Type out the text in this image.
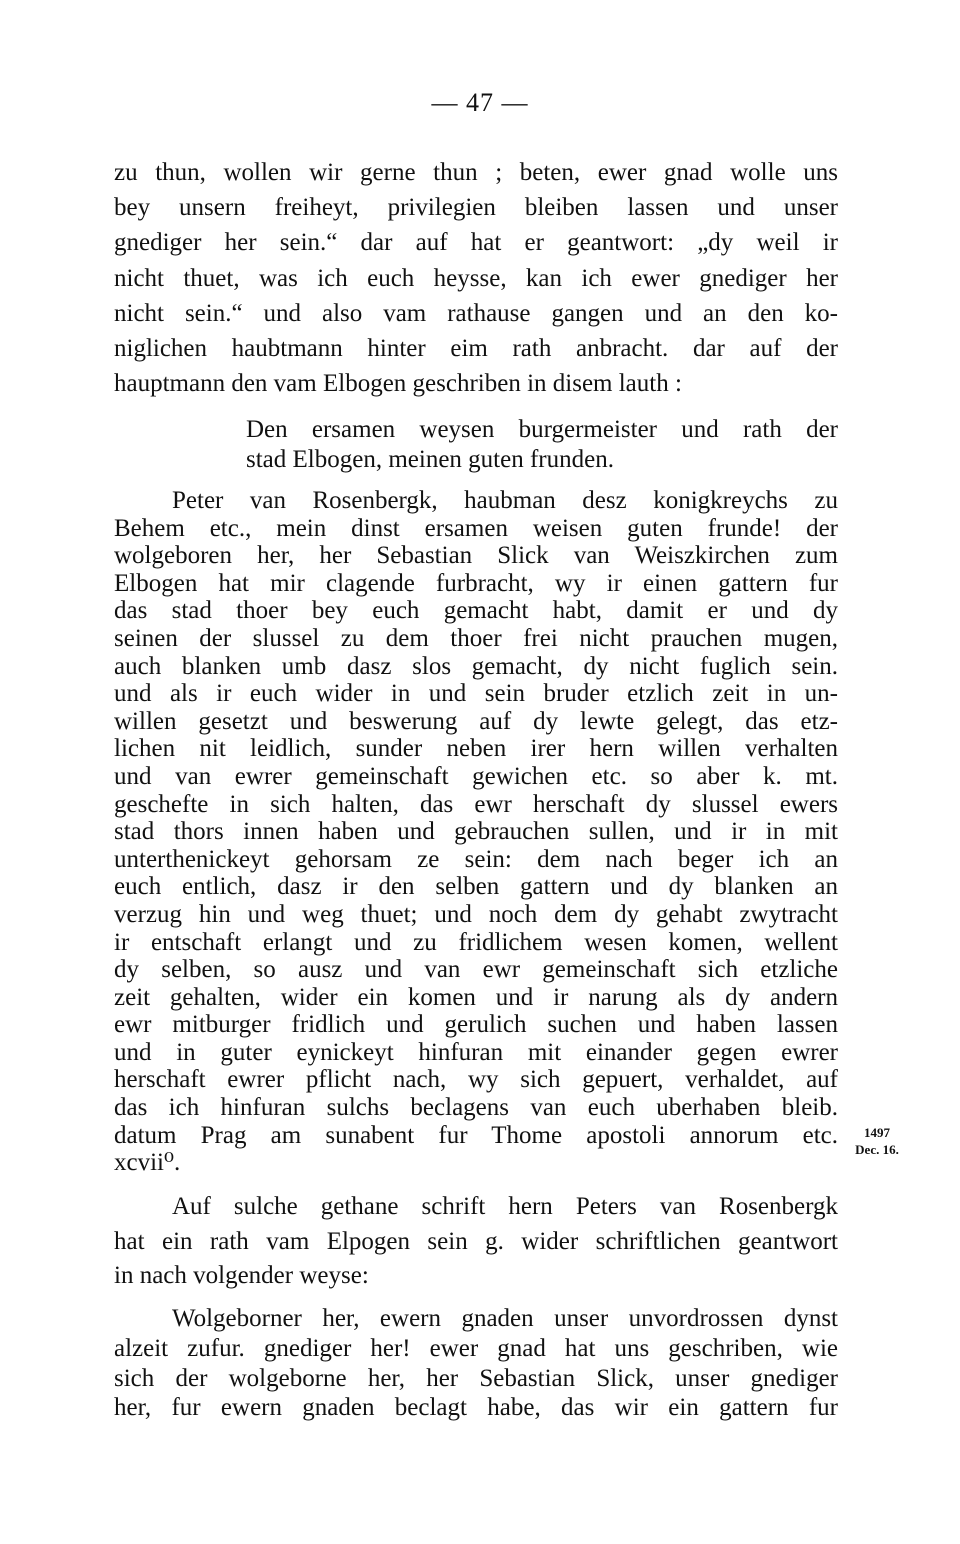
— 47 —
zu thun, wollen wir gerne thun ; beten, ewer gnad wolle uns
bey unsern freiheyt, privilegien bleiben lassen und unser
gnediger her sein.“ dar auf hat er geantwort: „dy weil ir
nicht thuet, was ich euch heysse, kan ich ewer gnediger her
nicht sein.“ und also vam rathause gangen und an den ko-
niglichen haubtmann hinter eim rath anbracht. dar auf der
hauptmann den vam Elbogen geschriben in disem lauth :
Den ersamen weysen burgermeister und rath der
stad Elbogen, meinen guten frunden.
Peter van Rosenbergk, haubman desz konigkreychs zu
Behem etc., mein dinst ersamen weisen guten frunde! der
wolgeboren her, her Sebastian Slick van Weiszkirchen zum
Elbogen hat mir clagende furbracht, wy ir einen gattern fur
das stad thoer bey euch gemacht habt, damit er und dy
seinen der slussel zu dem thoer frei nicht prauchen mugen,
auch blanken umb dasz slos gemacht, dy nicht fuglich sein.
und als ir euch wider in und sein bruder etzlich zeit in un-
willen gesetzt und beswerung auf dy lewte gelegt, das etz-
lichen nit leidlich, sunder neben irer hern willen verhalten
und van ewrer gemeinschaft gewichen etc. so aber k. mt.
geschefte in sich halten, das ewr herschaft dy slussel ewers
stad thors innen haben und gebrauchen sullen, und ir in mit
unterthenickeyt gehorsam ze sein: dem nach beger ich an
euch entlich, dasz ir den selben gattern und dy blanken an
verzug hin und weg thuet; und noch dem dy gehabt zwytracht
ir entschaft erlangt und zu fridlichem wesen komen, wellent
dy selben, so ausz und van ewr gemeinschaft sich etzliche
zeit gehalten, wider ein komen und ir narung als dy andern
ewr mitburger fridlich und gerulich suchen und haben lassen
und in guter eynickeyt hinfuran mit einander gegen ewrer
herschaft ewrer pflicht nach, wy sich gepuert, verhaldet, auf
das ich hinfuran sulchs beclagens van euch uberhaben bleib.
datum Prag am sunabent fur Thome apostoli annorum etc.
xcvii⁰.
1497
Dec. 16.
Auf sulche gethane schrift hern Peters van Rosenbergk
hat ein rath vam Elpogen sein g. wider schriftlichen geantwort
in nach volgender weyse:
Wolgeborner her, ewern gnaden unser unvordrossen dynst
alzeit zufur. gnediger her! ewer gnad hat uns geschriben, wie
sich der wolgeborne her, her Sebastian Slick, unser gnediger
her, fur ewern gnaden beclagt habe, das wir ein gattern fur
